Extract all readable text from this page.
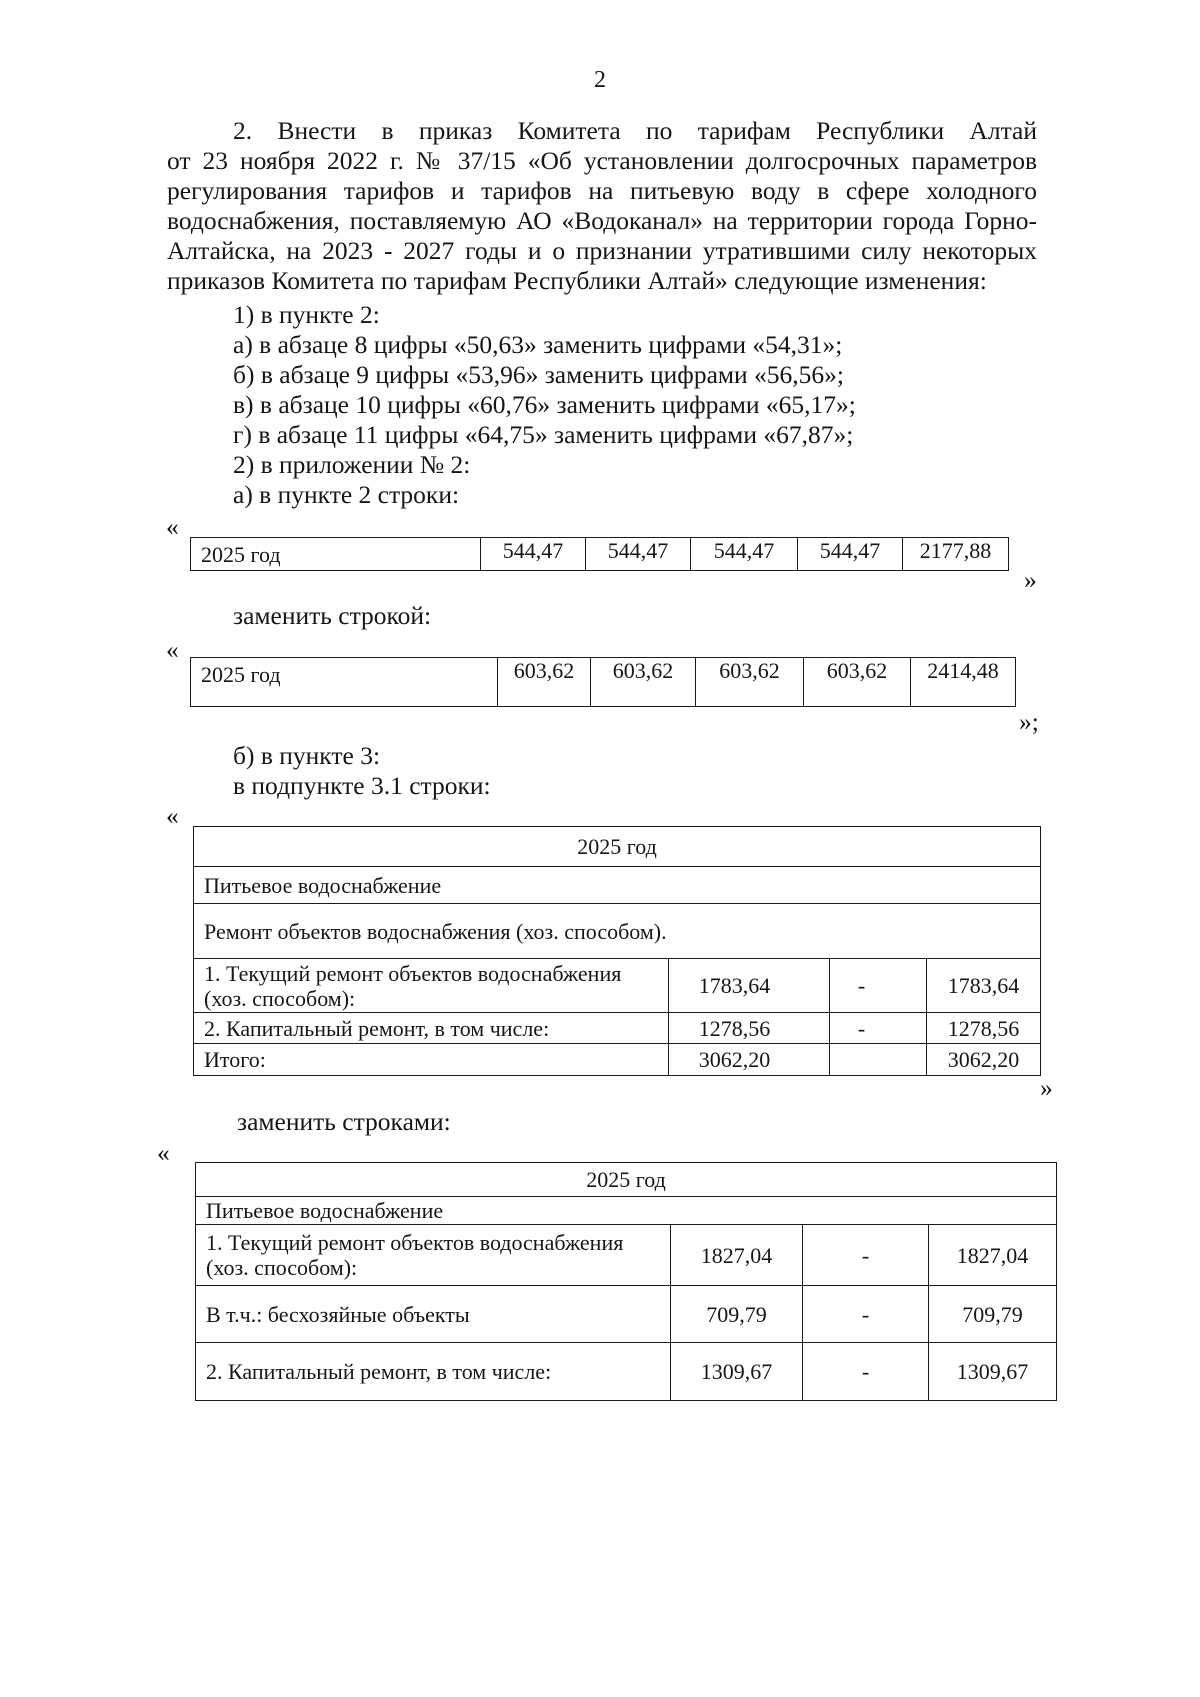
2
2. Внести в приказ Комитета по тарифам Республики Алтай
от 23 ноября 2022 г. № 37/15 «Об установлении долгосрочных параметров
регулирования тарифов и тарифов на питьевую воду в сфере холодного
водоснабжения, поставляемую АО «Водоканал» на территории города Горно-
Алтайска, на 2023 - 2027 годы и о признании утратившими силу некоторых
приказов Комитета по тарифам Республики Алтай» следующие изменения:
1) в пункте 2:
а) в абзаце 8 цифры «50,63» заменить цифрами «54,31»;
б) в абзаце 9 цифры «53,96» заменить цифрами «56,56»;
в) в абзаце 10 цифры «60,76» заменить цифрами «65,17»;
г) в абзаце 11 цифры «64,75» заменить цифрами «67,87»;
2) в приложении № 2:
а) в пункте 2 строки:
«
2025 год	544,47	544,47	544,47	544,47	2177,88
»
заменить строкой:
«
2025 год	603,62	603,62	603,62	603,62	2414,48
»;
б) в пункте 3:
в подпункте 3.1 строки:
«
2025 год			
Питьевое водоснабжение			
Ремонт объектов водоснабжения (хоз. способом).			
1. Текущий ремонт объектов водоснабжения (хоз. способом):	1783,64	-	1783,64
2. Капитальный ремонт, в том числе:	1278,56	-	1278,56
Итого:	3062,20		3062,20
»
заменить строками:
«
2025 год			
Питьевое водоснабжение			
1. Текущий ремонт объектов водоснабжения (хоз. способом):	1827,04	-	1827,04
В т.ч.: бесхозяйные объекты	709,79	-	709,79
2. Капитальный ремонт, в том числе:	1309,67	-	1309,67
